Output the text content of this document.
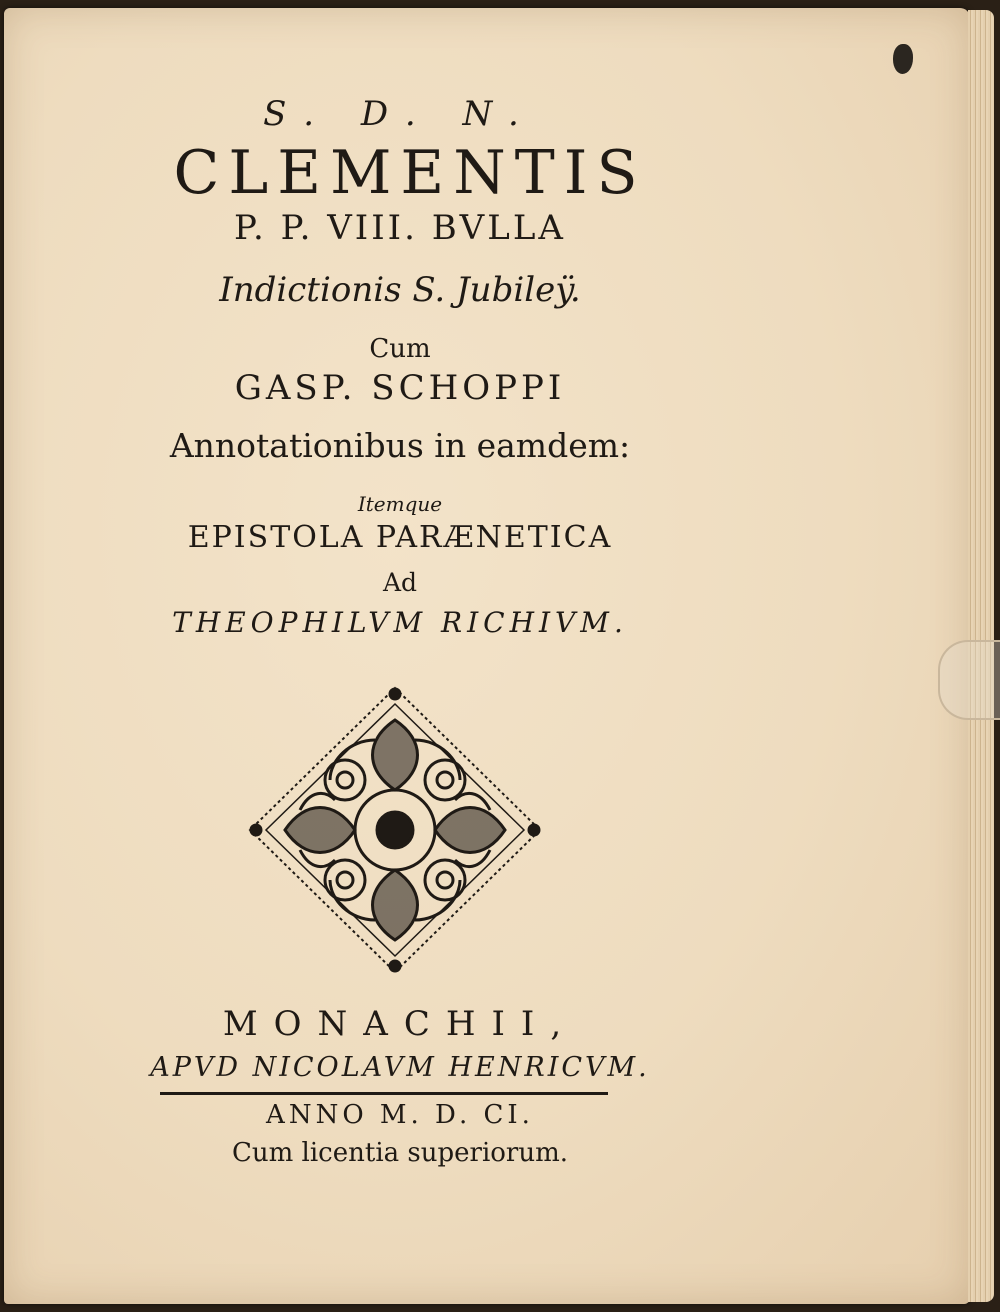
S. D. N.
CLEMENTIS
P. P. VIII. BVLLA
Indictionis S. Jubileÿ.
Cum
GASP. SCHOPPI
Annotationibus in eamdem:
Itemque
EPISTOLA PARÆNETICA
Ad
THEOPHILVM RICHIVM.
MONACHII,
APVD NICOLAVM HENRICVM.
ANNO M. D. CI.
Cum licentia superiorum.
